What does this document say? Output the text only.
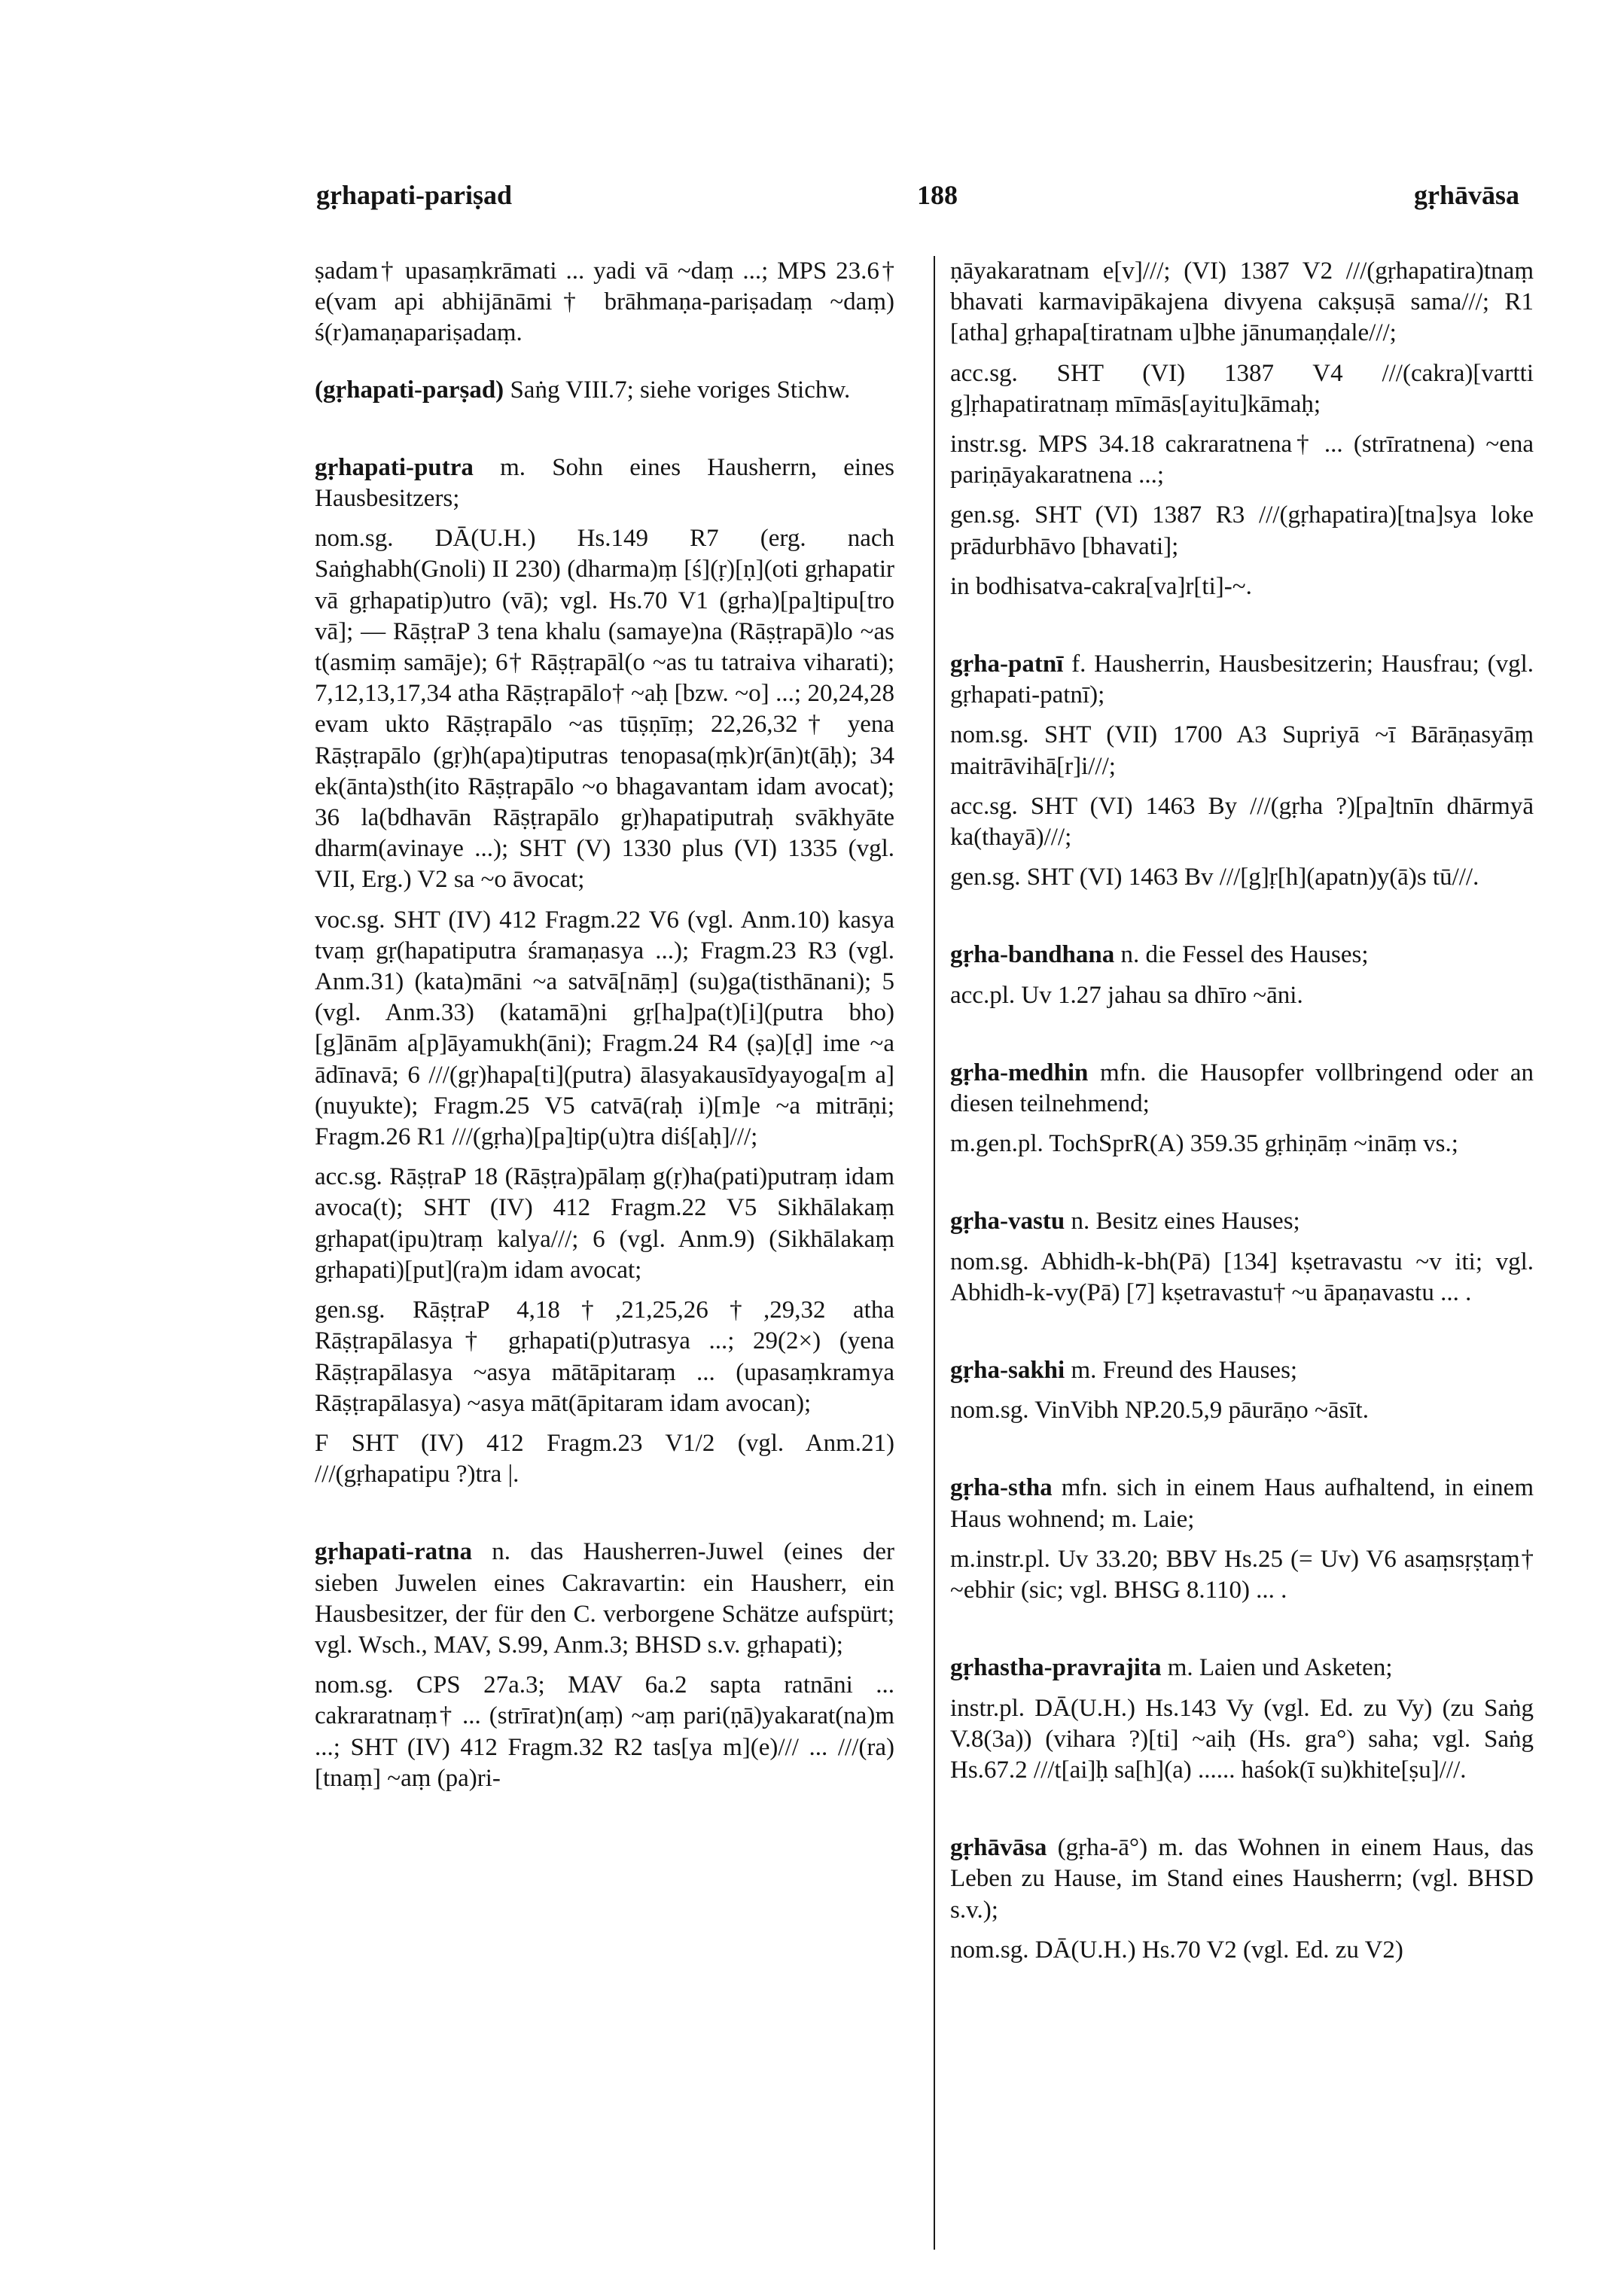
gṛhapati-pariṣad	188	gṛhāvāsa

ṣadam† upasaṃkrāmati ... yadi vā ~daṃ ...; MPS 23.6† e(vam api abhijānāmi† brāhmaṇa-pariṣadaṃ ~daṃ) ś(r)amaṇapariṣadaṃ.

(gṛhapati-parṣad) Saṅg VIII.7; siehe voriges Stichw.

gṛhapati-putra m. Sohn eines Hausherrn, eines Hausbesitzers;

nom.sg. DĀ(U.H.) Hs.149 R7 (erg. nach Saṅghabh(Gnoli) II 230) (dharma)ṃ [ś](ṛ)[ṇ](oti gṛhapatir vā gṛhapatip)utro (vā); vgl. Hs.70 V1 (gṛha)[pa]tipu[tro vā]; — RāṣṭraP 3 tena khalu (samaye)na (Rāṣṭrapā)lo ~as t(asmiṃ samāje); 6† Rāṣṭrapāl(o ~as tu tatraiva viharati); 7,12,13,17,34 atha Rāṣṭrapālo† ~aḥ [bzw. ~o] ...; 20,24,28 evam ukto Rāṣṭrapālo ~as tūṣṇīṃ; 22,26,32† yena Rāṣṭrapālo (gṛ)h(apa)tiputras tenopasa(ṃk)r(ān)t(āḥ); 34 ek(ānta)sth(ito Rāṣṭrapālo ~o bhagavantam idam avocat); 36 la(bdhavān Rāṣṭrapālo gṛ)hapatiputraḥ svākhyāte dharm(avinaye ...); SHT (V) 1330 plus (VI) 1335 (vgl. VII, Erg.) V2 sa ~o āvocat;

voc.sg. SHT (IV) 412 Fragm.22 V6 (vgl. Anm.10) kasya tvaṃ gṛ(hapatiputra śramaṇasya ...); Fragm.23 R3 (vgl. Anm.31) (kata)māni ~a satvā[nāṃ] (su)ga(tisthānani); 5 (vgl. Anm.33) (katamā)ni gṛ[ha]pa(t)[i](putra bho)[g]ānām a[p]āyamukh(āni); Fragm.24 R4 (ṣa)[ḍ] ime ~a ādīnavā; 6 ///(gṛ)hapa[ti](putra) ālasyakausīdyayoga[m a](nuyukte); Fragm.25 V5 catvā(raḥ i)[m]e ~a mitrāṇi; Fragm.26 R1 ///(gṛha)[pa]tip(u)tra diś[aḥ]///;

acc.sg. RāṣṭraP 18 (Rāṣṭra)pālaṃ g(ṛ)ha(pati)putraṃ idam avoca(t); SHT (IV) 412 Fragm.22 V5 Sikhālakaṃ gṛhapat(ipu)traṃ kalya///; 6 (vgl. Anm.9) (Sikhālakaṃ gṛhapati)[put](ra)m idam avocat;

gen.sg. RāṣṭraP 4,18†,21,25,26†,29,32 atha Rāṣṭrapālasya† gṛhapati(p)utrasya ...; 29(2×) (yena Rāṣṭrapālasya ~asya mātāpitaraṃ ... (upasaṃkramya Rāṣṭrapālasya) ~asya māt(āpitaram idam avocan);

F SHT (IV) 412 Fragm.23 V1/2 (vgl. Anm.21) ///(gṛhapatipu ?)tra |.

gṛhapati-ratna n. das Hausherren-Juwel (eines der sieben Juwelen eines Cakravartin: ein Hausherr, ein Hausbesitzer, der für den C. verborgene Schätze aufspürt; vgl. Wsch., MAV, S.99, Anm.3; BHSD s.v. gṛhapati);

nom.sg. CPS 27a.3; MAV 6a.2 sapta ratnāni ... cakraratnaṃ† ... (strīrat)n(aṃ) ~aṃ pari(ṇā)yakarat(na)m ...; SHT (IV) 412 Fragm.32 R2 tas[ya m](e)/// ... ///(ra)[tnaṃ] ~aṃ (pa)ri-

ṇāyakaratnam e[v]///; (VI) 1387 V2 ///(gṛhapatira)tnaṃ bhavati karmavipākajena divyena cakṣuṣā sama///; R1 [atha] gṛhapa[tiratnam u]bhe jānumaṇḍale///;

acc.sg. SHT (VI) 1387 V4 ///(cakra)[vartti g]ṛhapatiratnaṃ mīmās[ayitu]kāmaḥ;

instr.sg. MPS 34.18 cakraratnena† ... (strīratnena) ~ena pariṇāyakaratnena ...;

gen.sg. SHT (VI) 1387 R3 ///(gṛhapatira)[tna]sya loke prādurbhāvo [bhavati];

in bodhisatva-cakra[va]r[ti]-~.

gṛha-patnī f. Hausherrin, Hausbesitzerin; Hausfrau; (vgl. gṛhapati-patnī);

nom.sg. SHT (VII) 1700 A3 Supriyā ~ī Bārāṇasyāṃ maitrāvihā[r]i///;

acc.sg. SHT (VI) 1463 By ///(gṛha ?)[pa]tnīn dhārmyā ka(thayā)///;

gen.sg. SHT (VI) 1463 Bv ///[g]ṛ[h](apatn)y(ā)s tū///.

gṛha-bandhana n. die Fessel des Hauses;

acc.pl. Uv 1.27 jahau sa dhīro ~āni.

gṛha-medhin mfn. die Hausopfer vollbringend oder an diesen teilnehmend;

m.gen.pl. TochSprR(A) 359.35 gṛhiṇāṃ ~ināṃ vs.;

gṛha-vastu n. Besitz eines Hauses;

nom.sg. Abhidh-k-bh(Pā) [134] kṣetravastu ~v iti; vgl. Abhidh-k-vy(Pā) [7] kṣetravastu† ~u āpaṇavastu ... .

gṛha-sakhi m. Freund des Hauses;

nom.sg. VinVibh NP.20.5,9 pāurāṇo ~āsīt.

gṛha-stha mfn. sich in einem Haus aufhaltend, in einem Haus wohnend; m. Laie;

m.instr.pl. Uv 33.20; BBV Hs.25 (= Uv) V6 asaṃsṛṣṭaṃ† ~ebhir (sic; vgl. BHSG 8.110) ... .

gṛhastha-pravrajita m. Laien und Asketen;

instr.pl. DĀ(U.H.) Hs.143 Vy (vgl. Ed. zu Vy) (zu Saṅg V.8(3a)) (vihara ?)[ti] ~aiḥ (Hs. gra°) saha; vgl. Saṅg Hs.67.2 ///t[ai]ḥ sa[h](a) ...... haśok(ī su)khite[ṣu]///.

gṛhāvāsa (gṛha-ā°) m. das Wohnen in einem Haus, das Leben zu Hause, im Stand eines Hausherrn; (vgl. BHSD s.v.);

nom.sg. DĀ(U.H.) Hs.70 V2 (vgl. Ed. zu V2)
